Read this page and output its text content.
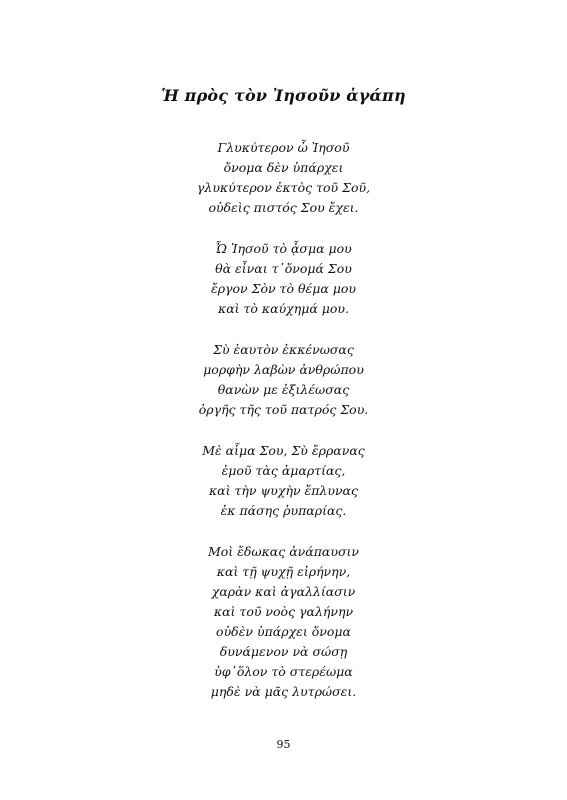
Ἡ πρὸς τὸν Ἰησοῦν ἀγάπη
Γλυκύτερον ὦ Ἰησοῦ
ὄνομα δὲν ὑπάρχει
γλυκύτερον ἐκτὸς τοῦ Σοῦ,
οὐδεὶς πιστός Σου ἔχει.
Ὦ Ἰησοῦ τὸ ᾆσμα μου
θὰ εἶναι τ᾽ὄνομά Σου
ἔργον Σὸν τὸ θέμα μου
καὶ τὸ καύχημά μου.
Σὺ ἑαυτὸν ἐκκένωσας
μορφὴν λαβὼν ἀνθρώπου
θανὼν με ἐξιλέωσας
ὀργῆς τῆς τοῦ πατρός Σου.
Μὲ αἷμα Σου, Σὺ ἔρρανας
ἐμοῦ τὰς ἁμαρτίας,
καὶ τὴν ψυχὴν ἔπλυνας
ἐκ πάσης ῥυπαρίας.
Μοὶ ἔδωκας ἀνάπαυσιν
καὶ τῇ ψυχῇ εἰρήνην,
χαρὰν καὶ ἀγαλλίασιν
καὶ τοῦ νοὸς γαλήνην
οὐδὲν ὑπάρχει ὄνομα
δυνάμενον νὰ σώσῃ
ὑφ᾽ὅλον τὸ στερέωμα
μηδὲ νὰ μᾶς λυτρώσει.
95
